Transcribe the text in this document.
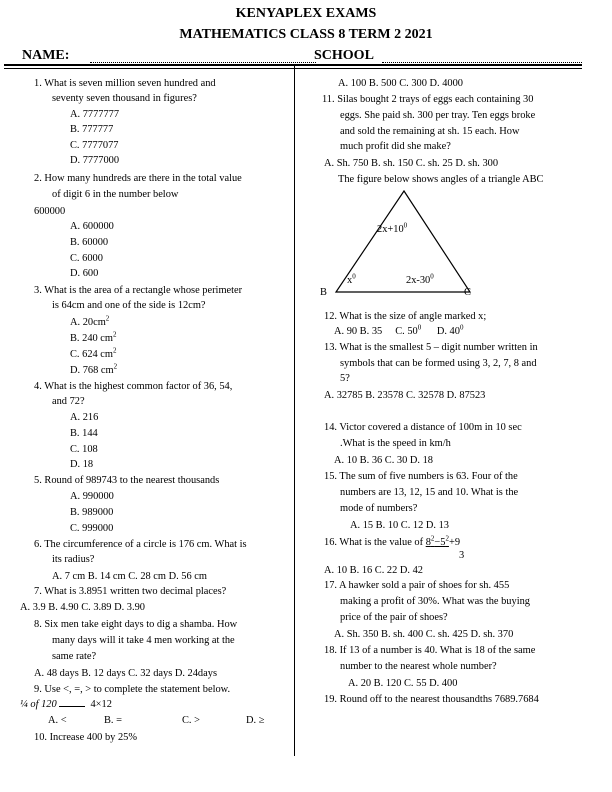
KENYAPLEX EXAMS
MATHEMATICS CLASS 8 TERM 2 2021
NAME:	SCHOOL
1. What is seven million seven hundred and
seventy seven thousand in figures?
A. 7777777
B. 777777
C. 7777077
D. 7777000
2. How many hundreds are there in the total value
of digit 6 in the number below
600000
A. 600000
B. 60000
C. 6000
D. 600
3. What is the area of a rectangle whose perimeter
is 64cm and one of the side is 12cm?
A. $20cm^2$
B. 240 $cm^2$
C. 624 $cm^2$
D. 768 $cm^2$
4. What is the highest common factor of 36, 54,
and 72?
A. 216
B. 144
C. 108
D. 18
5. Round of 989743 to the nearest thousands
A. 990000
B. 989000
C. 999000
6. The circumference of a circle is 176 cm. What is
its radius?
A. 7 cm B. 14 cm C. 28 cm D. 56 cm
7. What is 3.8951 written two decimal places?
A. 3.9 B. 4.90 C. 3.89 D. 3.90
8. Six men take eight days to dig a shamba. How
many days will it take 4 men working at the
same rate?
A. 48 days B. 12 days C. 32 days D. 24days
9. Use <, =, > to complete the statement below.
¼ of 120	4×12
A. <	B. =	C. >	D. ≥
10. Increase 400 by 25%
A. 100 B. 500 C. 300 D. 4000
11. Silas bought 2 trays of eggs each containing 30
eggs. She paid sh. 300 per tray. Ten eggs broke
and sold the remaining at sh. 15 each. How
much profit did she make?
A. Sh. 750 B. sh. 150 C. sh. 25 D. sh. 300
The figure below shows angles of a triangle ABC
$2x+10^0$
$x^0$	$2x-30^0$
B	C
12. What is the size of angle marked x;
A. 90 B. 35 C. $50^0$ D. $40^0$
13. What is the smallest 5 – digit number written in
symbols that can be formed using 3, 2, 7, 8 and
5?
A. 32785 B. 23578 C. 32578 D. 87523
14. Victor covered a distance of 100m in 10 sec
.What is the speed in km/h
A. 10 B. 36 C. 30 D. 18
15. The sum of five numbers is 63. Four of the
numbers are 13, 12, 15 and 10. What is the
mode of numbers?
A. 15 B. 10 C. 12 D. 13
16. What is the value of $8^2-5^2+9$
3
A. 10 B. 16 C. 22 D. 42
17. A hawker sold a pair of shoes for sh. 455
making a profit of 30%. What was the buying
price of the pair of shoes?
A. Sh. 350 B. sh. 400 C. sh. 425 D. sh. 370
18. If 13 of a number is 40. What is 18 of the same
number to the nearest whole number?
A. 20 B. 120 C. 55 D. 400
19. Round off to the nearest thousandths 7689.7684
